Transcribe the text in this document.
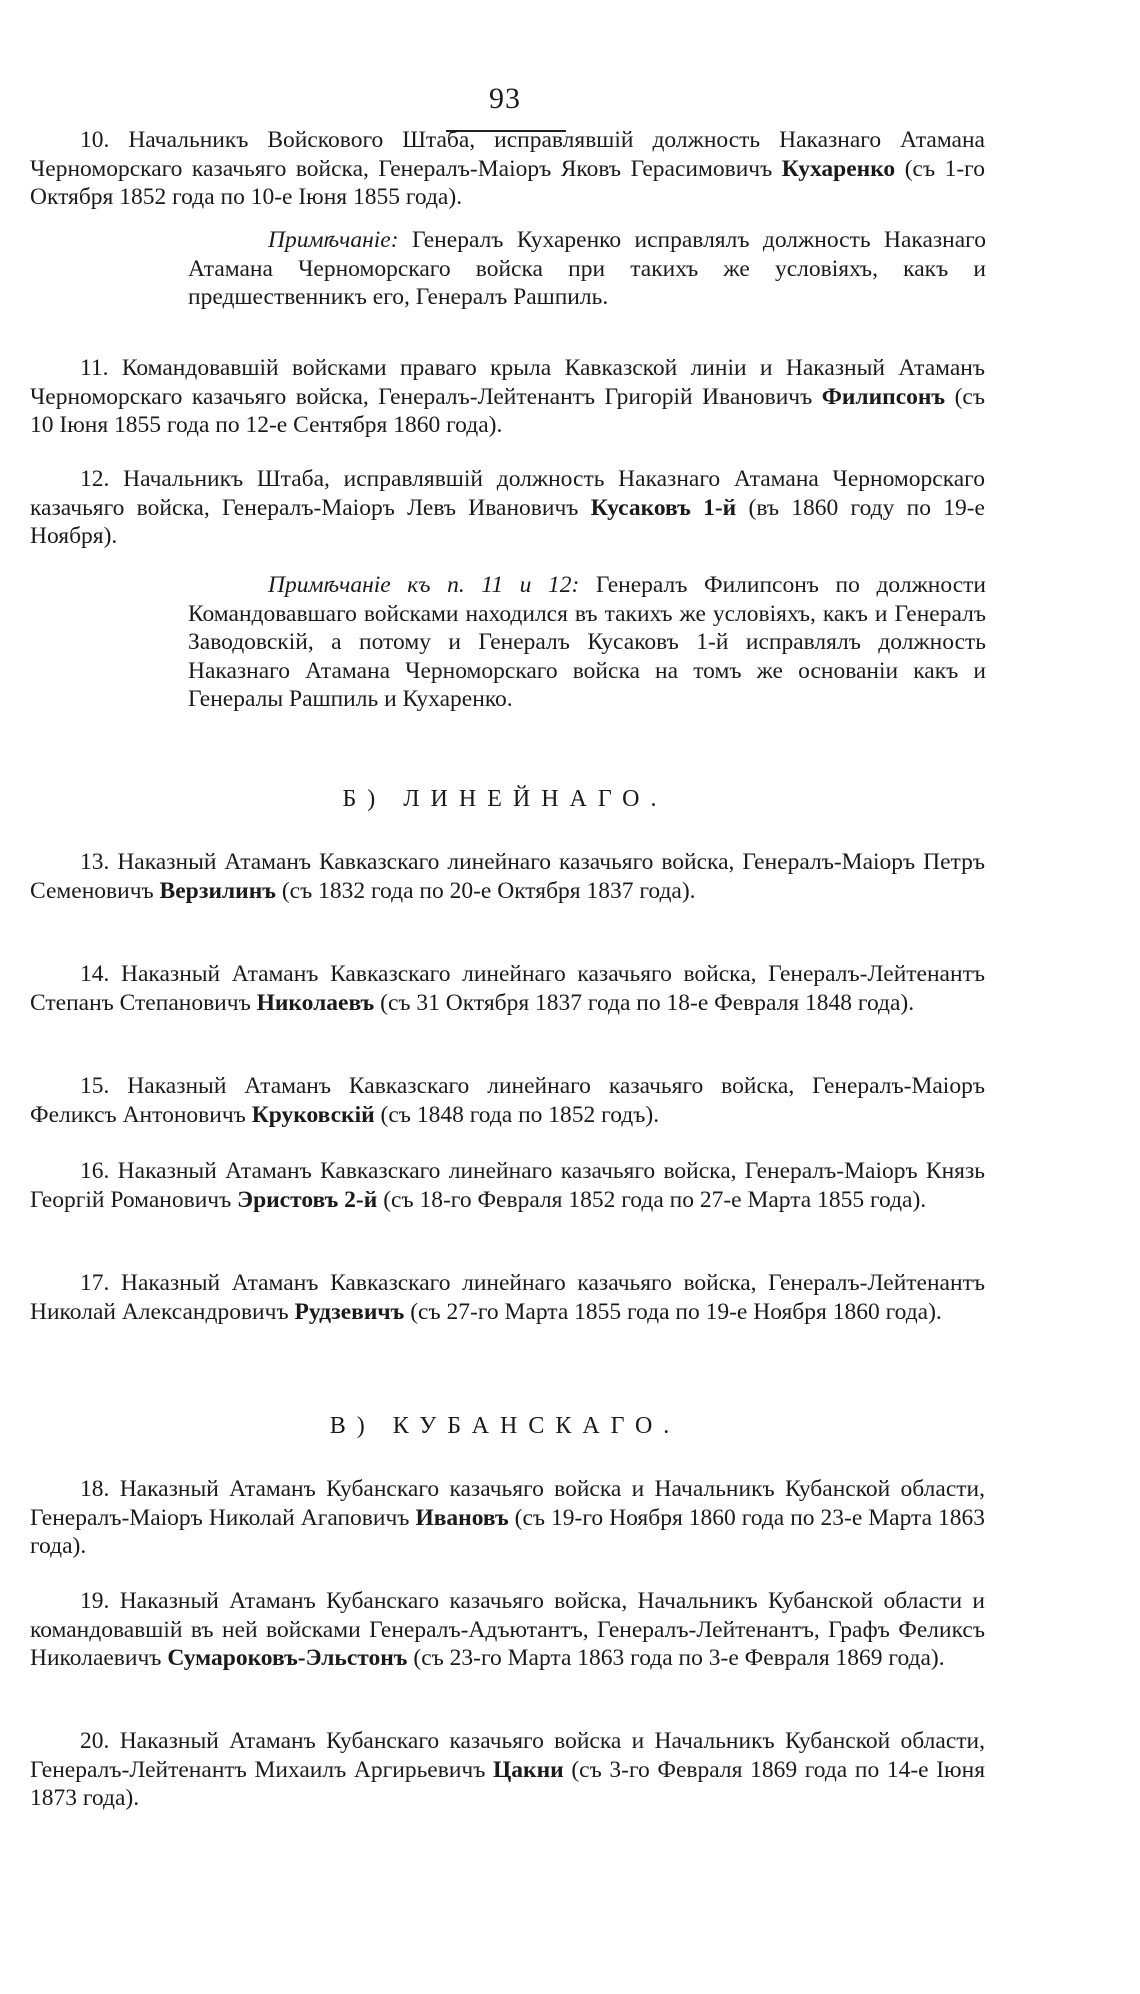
93

10. Начальникъ Войскового Штаба, исправлявшій должность Наказнаго Атамана Черноморскаго казачьяго войска, Генералъ-Маіоръ Яковъ Герасимовичъ Кухаренко (съ 1-го Октября 1852 года по 10-е Іюня 1855 года).

Примѣчаніе: Генералъ Кухаренко исправлялъ должность Наказнаго Атамана Черноморскаго войска при такихъ же условіяхъ, какъ и предшественникъ его, Генералъ Рашпиль.

11. Командовавшій войсками праваго крыла Кавказской линіи и Наказный Атаманъ Черноморскаго казачьяго войска, Генералъ-Лейтенантъ Григорій Ивановичъ Филипсонъ (съ 10 Іюня 1855 года по 12-е Сентября 1860 года).

12. Начальникъ Штаба, исправлявшій должность Наказнаго Атамана Черноморскаго казачьяго войска, Генералъ-Маіоръ Левъ Ивановичъ Кусаковъ 1-й (въ 1860 году по 19-е Ноября).

Примѣчаніе къ п. 11 и 12: Генералъ Филипсонъ по должности Командовавшаго войсками находился въ такихъ же условіяхъ, какъ и Генералъ Заводовскій, а потому и Генералъ Кусаковъ 1-й исправлялъ должность Наказнаго Атамана Черноморскаго войска на томъ же основаніи какъ и Генералы Рашпиль и Кухаренко.

Б) ЛИНЕЙНАГО.

13. Наказный Атаманъ Кавказскаго линейнаго казачьяго войска, Генералъ-Маіоръ Петръ Семеновичъ Верзилинъ (съ 1832 года по 20-е Октября 1837 года).

14. Наказный Атаманъ Кавказскаго линейнаго казачьяго войска, Генералъ-Лейтенантъ Степанъ Степановичъ Николаевъ (съ 31 Октября 1837 года по 18-е Февраля 1848 года).

15. Наказный Атаманъ Кавказскаго линейнаго казачьяго войска, Генералъ-Маіоръ Феликсъ Антоновичъ Круковскій (съ 1848 года по 1852 годъ).

16. Наказный Атаманъ Кавказскаго линейнаго казачьяго войска, Генералъ-Маіоръ Князь Георгій Романовичъ Эристовъ 2-й (съ 18-го Февраля 1852 года по 27-е Марта 1855 года).

17. Наказный Атаманъ Кавказскаго линейнаго казачьяго войска, Генералъ-Лейтенантъ Николай Александровичъ Рудзевичъ (съ 27-го Марта 1855 года по 19-е Ноября 1860 года).

В) КУБАНСКАГО.

18. Наказный Атаманъ Кубанскаго казачьяго войска и Начальникъ Кубанской области, Генералъ-Маіоръ Николай Агаповичъ Ивановъ (съ 19-го Ноября 1860 года по 23-е Марта 1863 года).

19. Наказный Атаманъ Кубанскаго казачьяго войска, Начальникъ Кубанской области и командовавшій въ ней войсками Генералъ-Адъютантъ, Генералъ-Лейтенантъ, Графъ Феликсъ Николаевичъ Сумароковъ-Эльстонъ (съ 23-го Марта 1863 года по 3-е Февраля 1869 года).

20. Наказный Атаманъ Кубанскаго казачьяго войска и Начальникъ Кубанской области, Генералъ-Лейтенантъ Михаилъ Аргирьевичъ Цакни (съ 3-го Февраля 1869 года по 14-е Іюня 1873 года).
